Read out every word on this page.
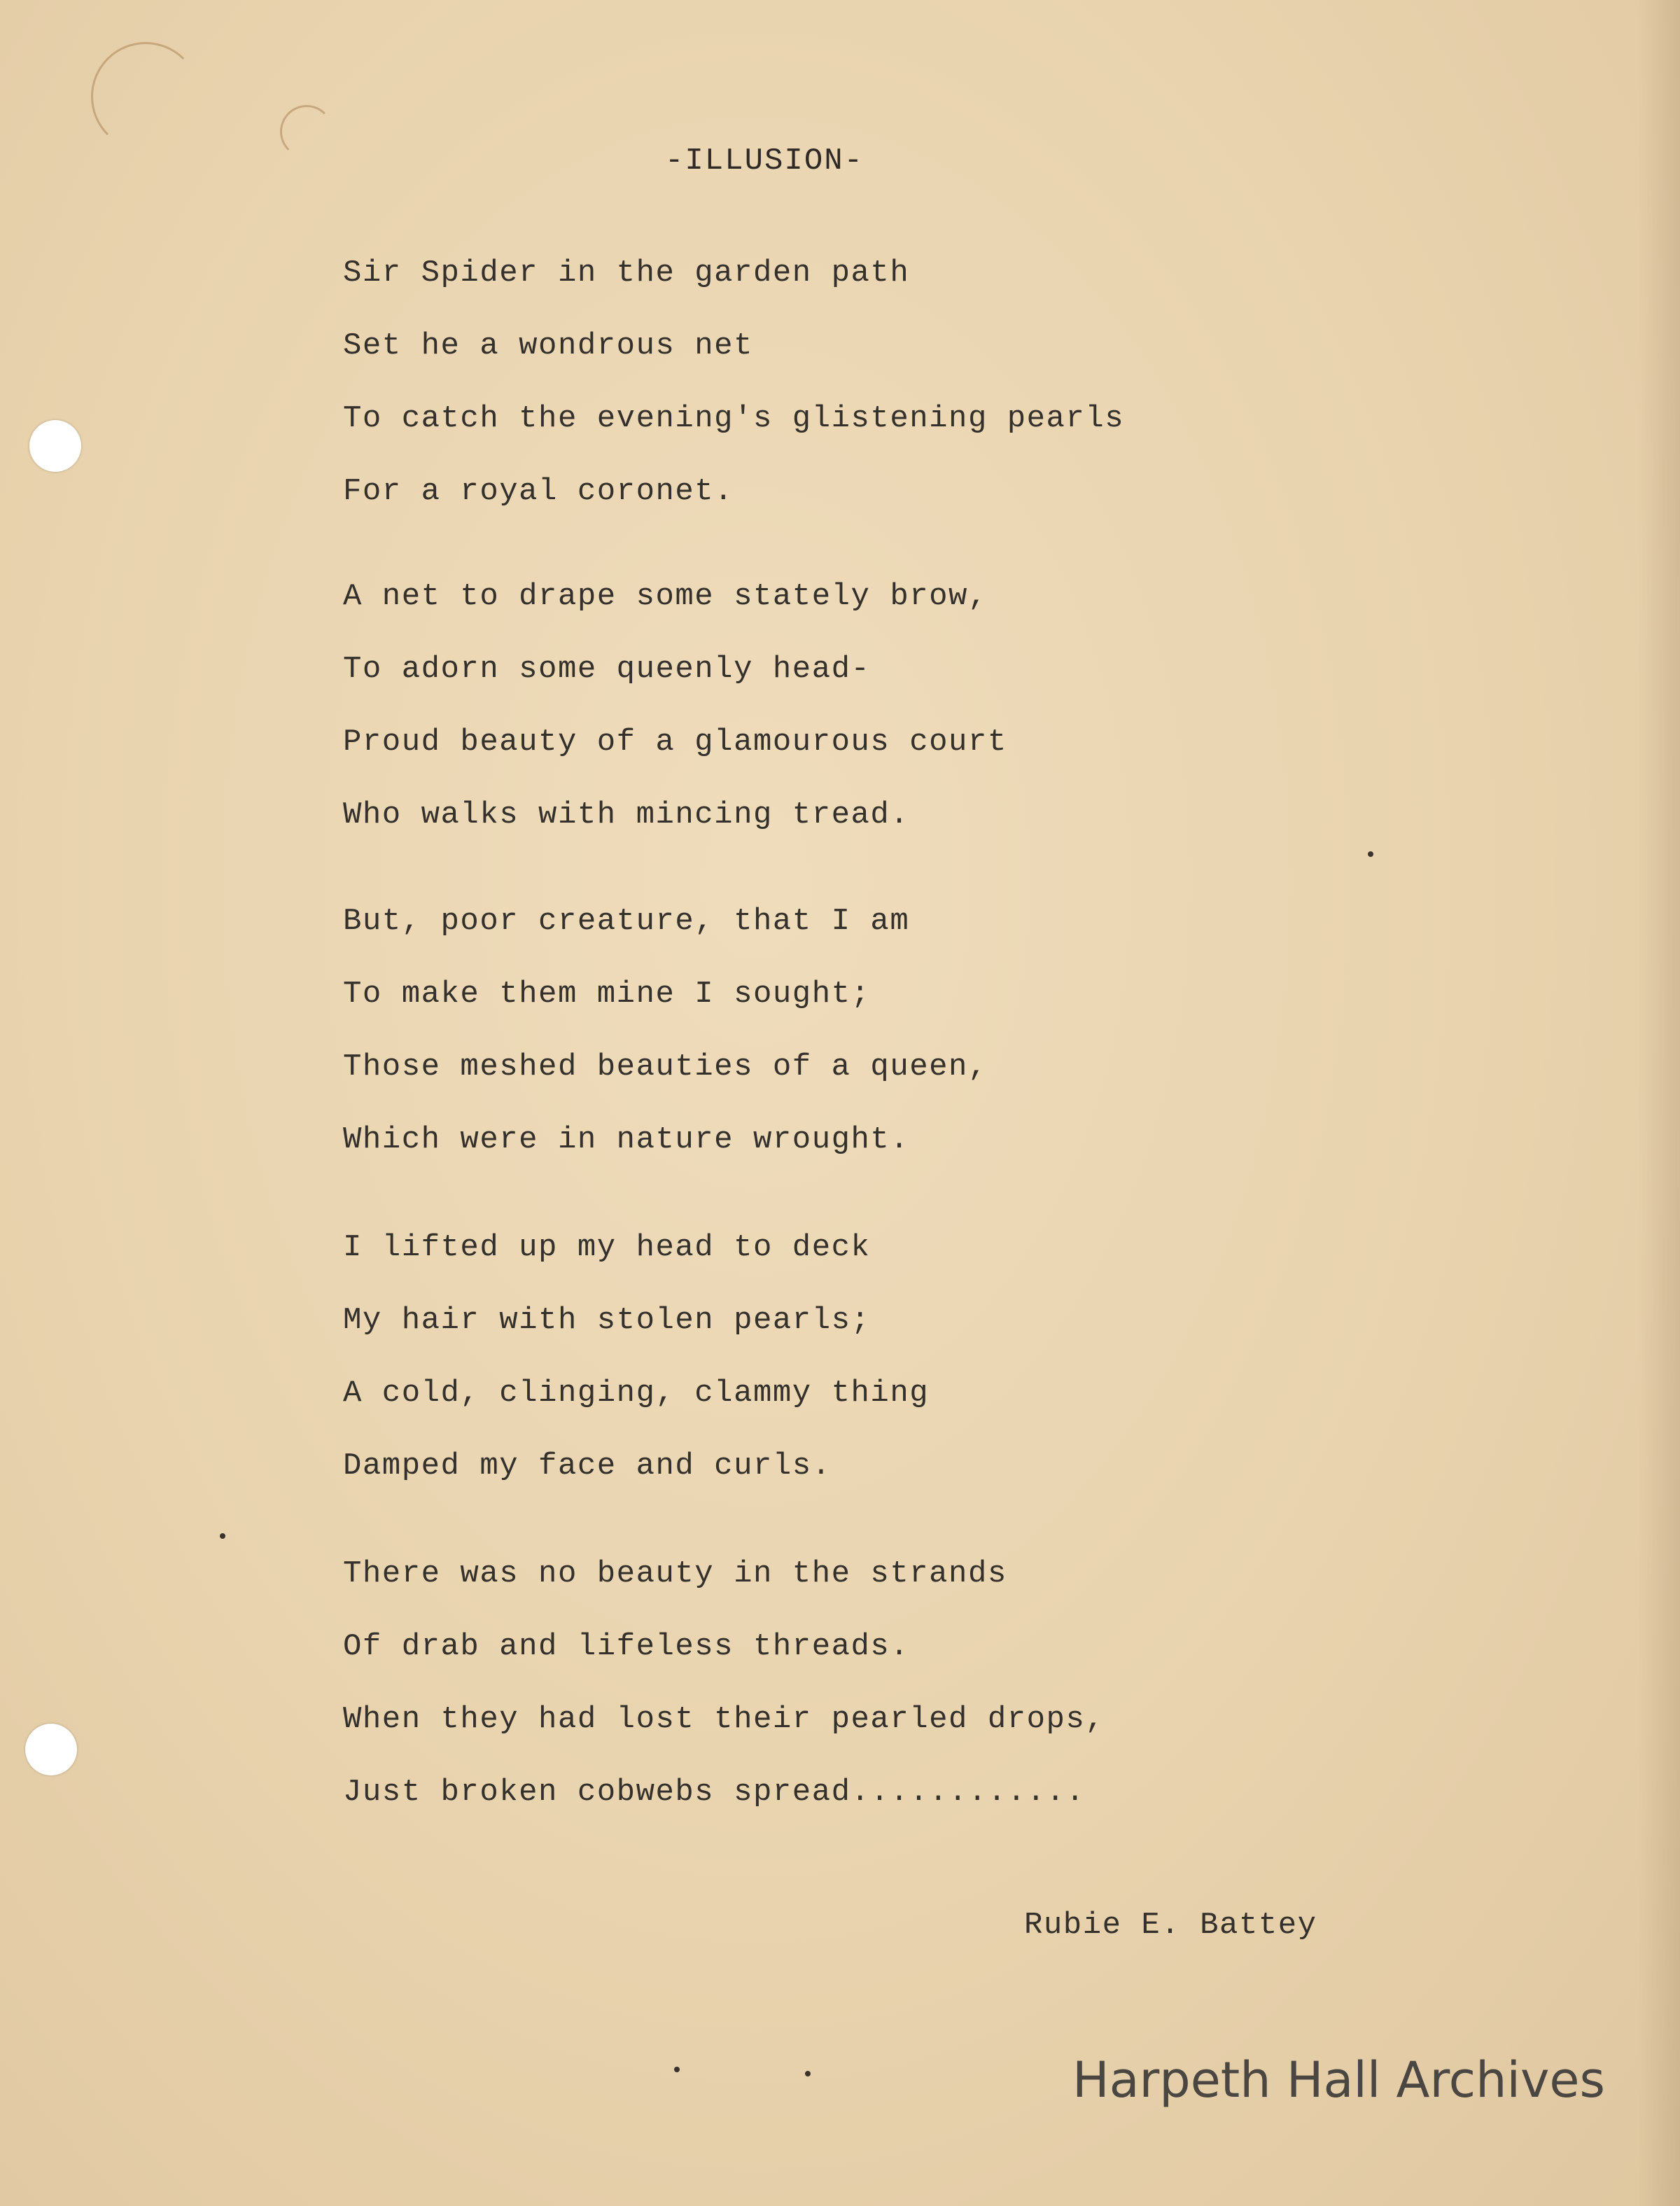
-ILLUSION-
Sir Spider in the garden path
Set he a wondrous net
To catch the evening's glistening pearls
For a royal coronet.
A net to drape some stately brow,
To adorn some queenly head-
Proud beauty of a glamourous court
Who walks with mincing tread.
But, poor creature, that I am
To make them mine I sought;
Those meshed beauties of a queen,
Which were in nature wrought.
I lifted up my head to deck
My hair with stolen pearls;
A cold, clinging, clammy thing
Damped my face and curls.
There was no beauty in the strands
Of drab and lifeless threads.
When they had lost their pearled drops,
Just broken cobwebs spread............
Rubie E. Battey
Harpeth Hall Archives
